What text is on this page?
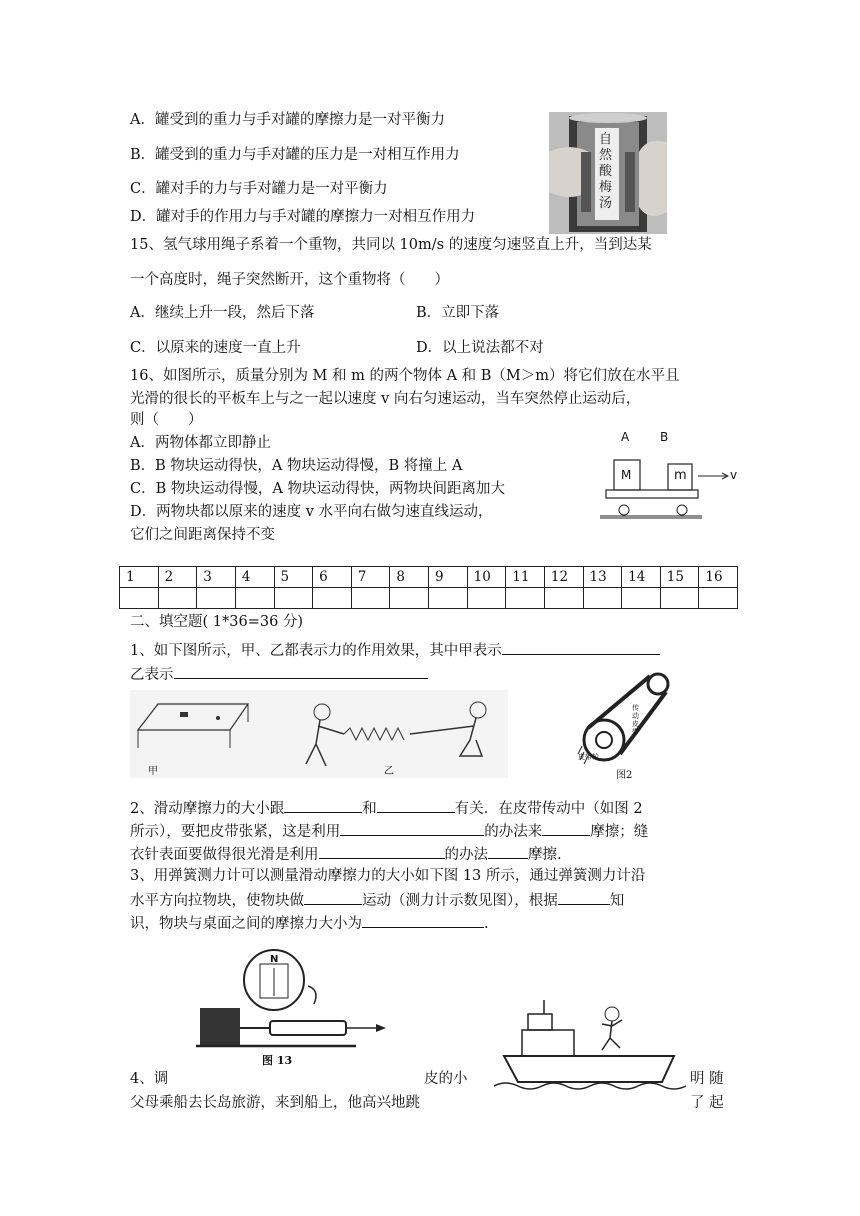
A．罐受到的重力与手对罐的摩擦力是一对平衡力
B．罐受到的重力与手对罐的压力是一对相互作用力
C．罐对手的力与手对罐力是一对平衡力
D．罐对手的作用力与手对罐的摩擦力一对相互作用力
自然酸梅汤
15、氢气球用绳子系着一个重物，共同以 10m/s 的速度匀速竖直上升，当到达某
一个高度时，绳子突然断开，这个重物将（　　）
A．继续上升一段，然后下落	B．立即下落
C．以原来的速度一直上升	D．以上说法都不对
16、如图所示，质量分别为 M 和 m 的两个物体 A 和 B（M＞m）将它们放在水平且
光滑的很长的平板车上与之一起以速度 v 向右匀速运动，当车突然停止运动后，
则（　　）
A．两物体都立即静止
B．B 物块运动得快，A 物块运动得慢，B 将撞上 A
C．B 物块运动得慢，A 物块运动得快，两物块间距离加大
D．两物块都以原来的速度 v 水平向右做匀速直线运动，
它们之间距离保持不变
A	B
M	m	v
1	2	3	4	5	6	7	8	9	10	11	12	13	14	15	16

二、填空题( 1*36=36 分)
1、如下图所示，甲、乙都表示力的作用效果，其中甲表示
乙表示
甲	乙
传动皮带
皮带轮
图2
2、滑动摩擦力的大小跟	和	有关．在皮带传动中（如图 2
所示），要把皮带张紧，这是利用	的办法来	摩擦；缝
衣针表面要做得很光滑是利用	的办法	摩擦.
3、用弹簧测力计可以测量滑动摩擦力的大小如下图 13 所示，通过弹簧测力计沿
水平方向拉物块，使物块做	运动（测力计示数见图），根据	知
识，物块与桌面之间的摩擦力大小为	.
N
图 13
4、调	皮的小	明 随
父母乘船去长岛旅游，来到船上，他高兴地跳	了 起
